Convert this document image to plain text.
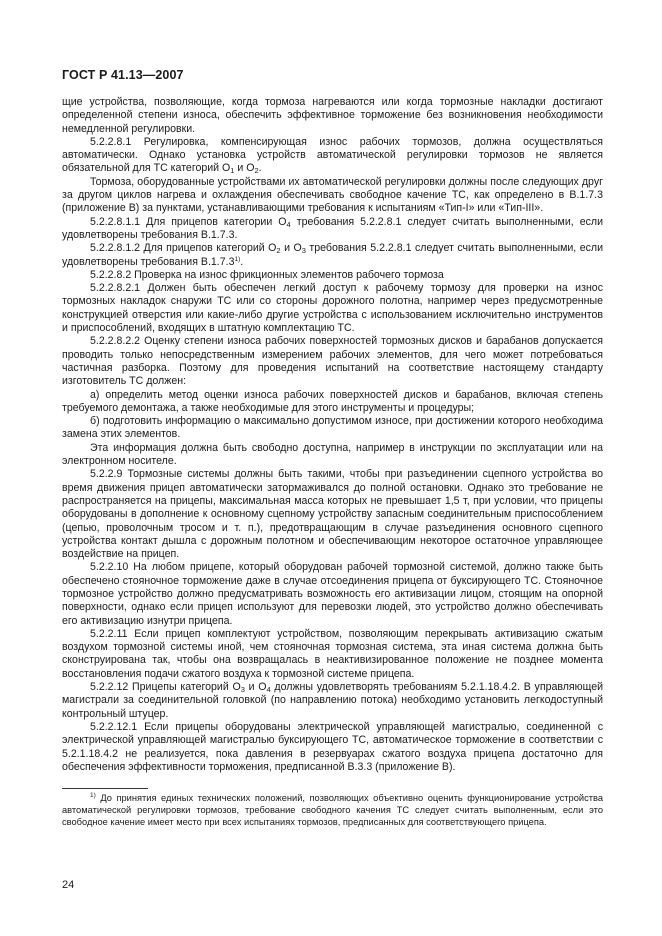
ГОСТ Р 41.13—2007

щие устройства, позволяющие, когда тормоза нагреваются или когда тормозные накладки достигают определенной степени износа, обеспечить эффективное торможение без возникновения необходимости немедленной регулировки.

5.2.2.8.1 Регулировка, компенсирующая износ рабочих тормозов, должна осуществляться автоматически. Однако установка устройств автоматической регулировки тормозов не является обязательной для ТС категорий $О_1$ и $О_2$.

Тормоза, оборудованные устройствами их автоматической регулировки должны после следующих друг за другом циклов нагрева и охлаждения обеспечивать свободное качение ТС, как определено в В.1.7.3 (приложение В) за пунктами, устанавливающими требования к испытаниям «Тип-I» или «Тип-III».

5.2.2.8.1.1 Для прицепов категории $О_4$ требования 5.2.2.8.1 следует считать выполненными, если удовлетворены требования В.1.7.3.

5.2.2.8.1.2 Для прицепов категорий $О_2$ и $О_3$ требования 5.2.2.8.1 следует считать выполненными, если удовлетворены требования В.1.7.3$^{1)}$.

5.2.2.8.2 Проверка на износ фрикционных элементов рабочего тормоза

5.2.2.8.2.1 Должен быть обеспечен легкий доступ к рабочему тормозу для проверки на износ тормозных накладок снаружи ТС или со стороны дорожного полотна, например через предусмотренные конструкцией отверстия или какие-либо другие устройства с использованием исключительно инструментов и приспособлений, входящих в штатную комплектацию ТС.

5.2.2.8.2.2 Оценку степени износа рабочих поверхностей тормозных дисков и барабанов допускается проводить только непосредственным измерением рабочих элементов, для чего может потребоваться частичная разборка. Поэтому для проведения испытаний на соответствие настоящему стандарту изготовитель ТС должен:

а) определить метод оценки износа рабочих поверхностей дисков и барабанов, включая степень требуемого демонтажа, а также необходимые для этого инструменты и процедуры;

б) подготовить информацию о максимально допустимом износе, при достижении которого необходима замена этих элементов.

Эта информация должна быть свободно доступна, например в инструкции по эксплуатации или на электронном носителе.

5.2.2.9 Тормозные системы должны быть такими, чтобы при разъединении сцепного устройства во время движения прицеп автоматически затормаживался до полной остановки. Однако это требование не распространяется на прицепы, максимальная масса которых не превышает 1,5 т, при условии, что прицепы оборудованы в дополнение к основному сцепному устройству запасным соединительным приспособлением (цепью, проволочным тросом и т. п.), предотвращающим в случае разъединения основного сцепного устройства контакт дышла с дорожным полотном и обеспечивающим некоторое остаточное управляющее воздействие на прицеп.

5.2.2.10 На любом прицепе, который оборудован рабочей тормозной системой, должно также быть обеспечено стояночное торможение даже в случае отсоединения прицепа от буксирующего ТС. Стояночное тормозное устройство должно предусматривать возможность его активизации лицом, стоящим на опорной поверхности, однако если прицеп используют для перевозки людей, это устройство должно обеспечивать его активизацию изнутри прицепа.

5.2.2.11 Если прицеп комплектуют устройством, позволяющим перекрывать активизацию сжатым воздухом тормозной системы иной, чем стояночная тормозная система, эта иная система должна быть сконструирована так, чтобы она возвращалась в неактивизированное положение не позднее момента восстановления подачи сжатого воздуха к тормозной системе прицепа.

5.2.2.12 Прицепы категорий $О_3$ и $О_4$ должны удовлетворять требованиям 5.2.1.18.4.2. В управляющей магистрали за соединительной головкой (по направлению потока) необходимо установить легкодоступный контрольный штуцер.

5.2.2.12.1 Если прицепы оборудованы электрической управляющей магистралью, соединенной с электрической управляющей магистралью буксирующего ТС, автоматическое торможение в соответствии с 5.2.1.18.4.2 не реализуется, пока давления в резервуарах сжатого воздуха прицепа достаточно для обеспечения эффективности торможения, предписанной В.3.3 (приложение В).

$^{1)}$ До принятия единых технических положений, позволяющих объективно оценить функционирование устройства автоматической регулировки тормозов, требование свободного качения ТС следует считать выполненным, если это свободное качение имеет место при всех испытаниях тормозов, предписанных для соответствующего прицепа.

24
